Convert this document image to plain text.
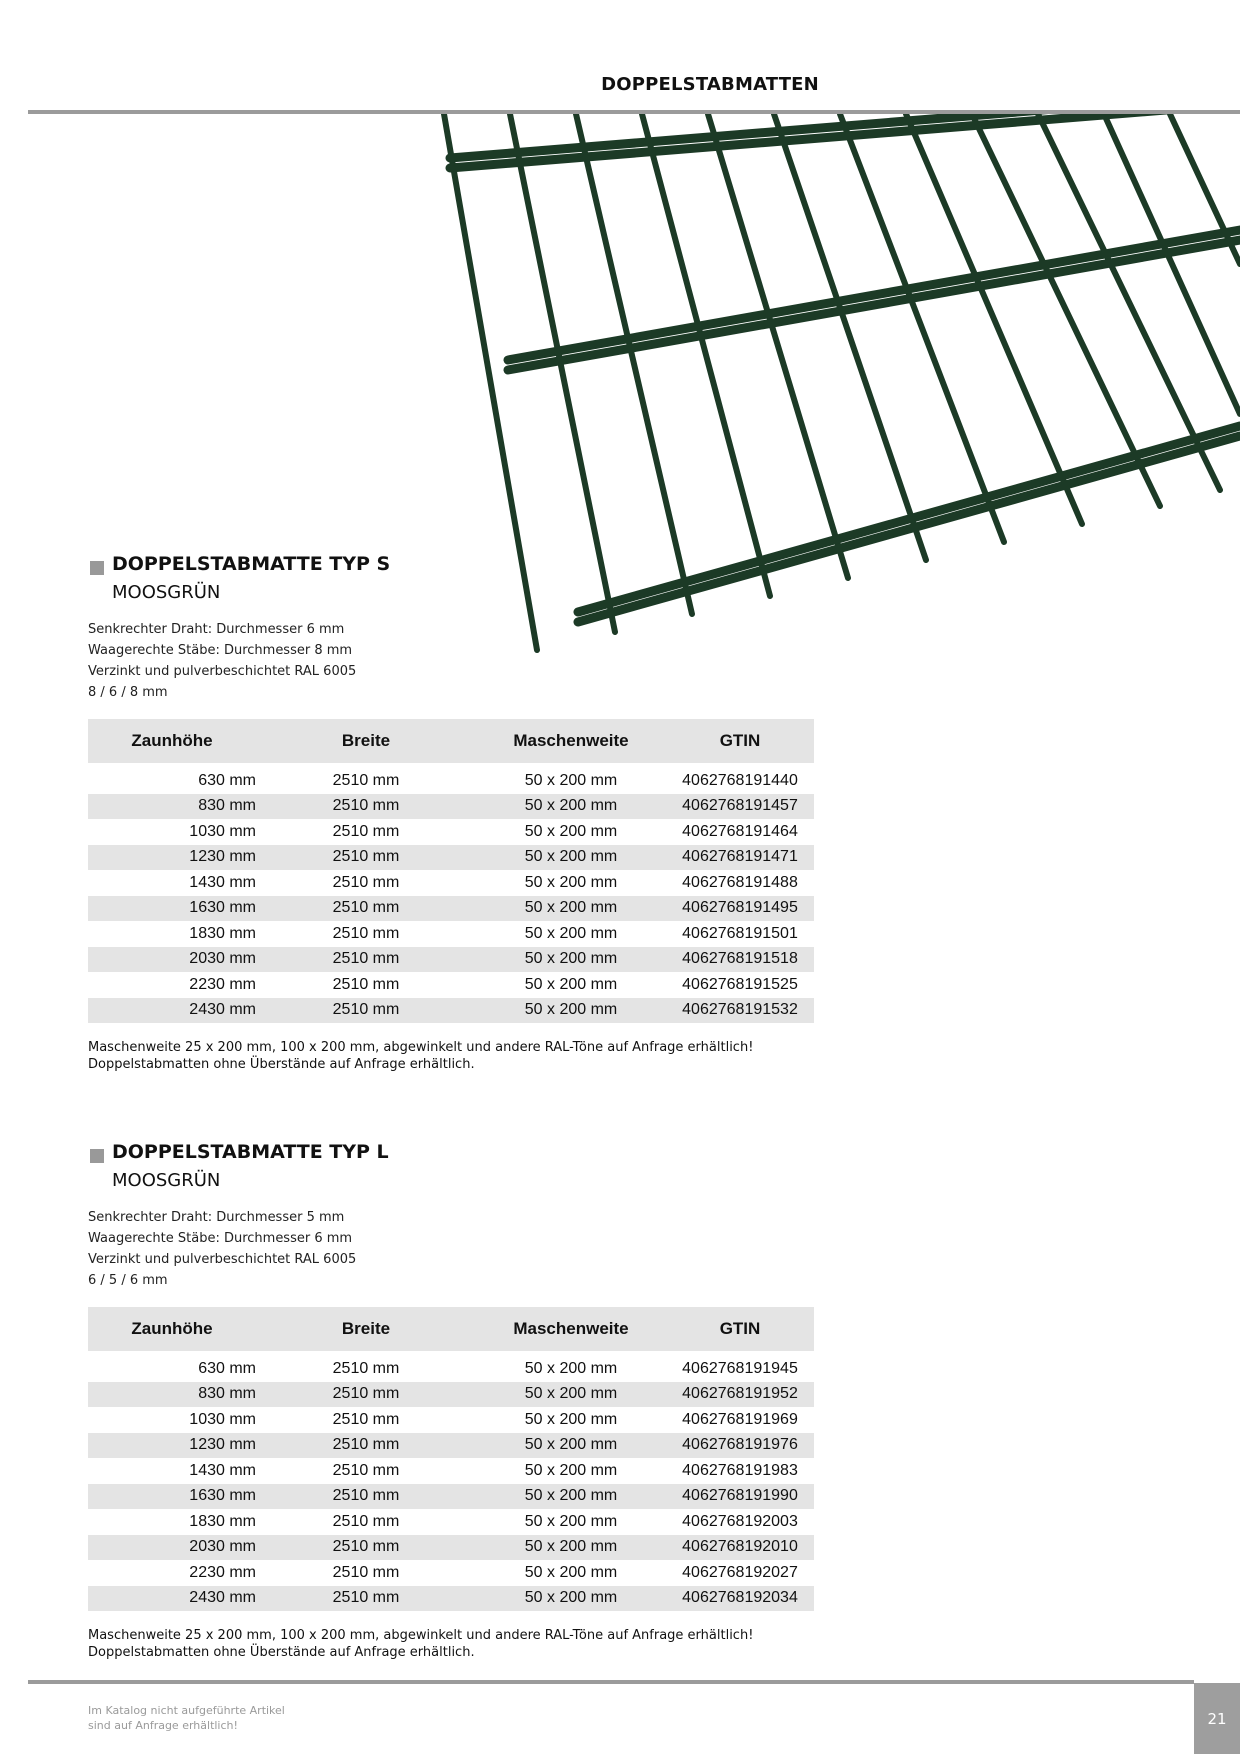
DOPPELSTABMATTEN
DOPPELSTABMATTE TYP S
MOOSGRÜN
Senkrechter Draht: Durchmesser 6 mm
Waagerechte Stäbe: Durchmesser 8 mm
Verzinkt und pulverbeschichtet RAL 6005
8 / 6 / 8 mm
Zaunhöhe	Breite	Maschenweite	GTIN
630 mm	2510 mm	50 x 200 mm	4062768191440
830 mm	2510 mm	50 x 200 mm	4062768191457
1030 mm	2510 mm	50 x 200 mm	4062768191464
1230 mm	2510 mm	50 x 200 mm	4062768191471
1430 mm	2510 mm	50 x 200 mm	4062768191488
1630 mm	2510 mm	50 x 200 mm	4062768191495
1830 mm	2510 mm	50 x 200 mm	4062768191501
2030 mm	2510 mm	50 x 200 mm	4062768191518
2230 mm	2510 mm	50 x 200 mm	4062768191525
2430 mm	2510 mm	50 x 200 mm	4062768191532
Maschenweite 25 x 200 mm, 100 x 200 mm, abgewinkelt und andere RAL-Töne auf Anfrage erhältlich!
Doppelstabmatten ohne Überstände auf Anfrage erhältlich.
DOPPELSTABMATTE TYP L
MOOSGRÜN
Senkrechter Draht: Durchmesser 5 mm
Waagerechte Stäbe: Durchmesser 6 mm
Verzinkt und pulverbeschichtet RAL 6005
6 / 5 / 6 mm
Zaunhöhe	Breite	Maschenweite	GTIN
630 mm	2510 mm	50 x 200 mm	4062768191945
830 mm	2510 mm	50 x 200 mm	4062768191952
1030 mm	2510 mm	50 x 200 mm	4062768191969
1230 mm	2510 mm	50 x 200 mm	4062768191976
1430 mm	2510 mm	50 x 200 mm	4062768191983
1630 mm	2510 mm	50 x 200 mm	4062768191990
1830 mm	2510 mm	50 x 200 mm	4062768192003
2030 mm	2510 mm	50 x 200 mm	4062768192010
2230 mm	2510 mm	50 x 200 mm	4062768192027
2430 mm	2510 mm	50 x 200 mm	4062768192034
Maschenweite 25 x 200 mm, 100 x 200 mm, abgewinkelt und andere RAL-Töne auf Anfrage erhältlich!
Doppelstabmatten ohne Überstände auf Anfrage erhältlich.
Im Katalog nicht aufgeführte Artikel
sind auf Anfrage erhältlich!	21
